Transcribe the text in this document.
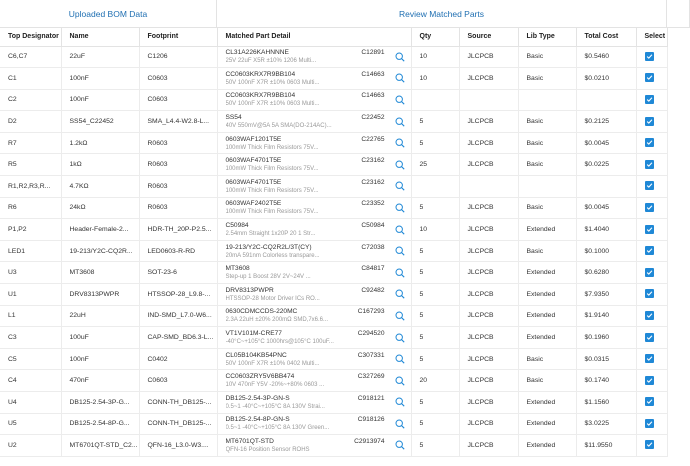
Uploaded BOM Data	Review Matched Parts
Top Designator	Name	Footprint	Matched Part Detail	Qty	Source	Lib Type	Total Cost	Select
C6,C7	22uF	C1206	CL31A226KAHNNNE C12891
25V 22uF X5R ±10% 1206 Multi...	10	JLCPCB	Basic	$0.5460	

C1	100nF	C0603	CC0603KRX7R9BB104 C14663
50V 100nF X7R ±10% 0603 Multi...	10	JLCPCB	Basic	$0.0210	

C2	100nF	C0603	CC0603KRX7R9BB104 C14663
50V 100nF X7R ±10% 0603 Multi...

D2	SS54_C22452	SMA_L4.4-W2.8-L...	SS54 C22452
40V 550mV@5A 5A SMA(DO-214AC)...	5	JLCPCB	Basic	$0.2125	

R7	1.2kΩ	R0603	0603WAF1201T5E C22765
100mW Thick Film Resistors 75V...	5	JLCPCB	Basic	$0.0045	

R5	1kΩ	R0603	0603WAF4701T5E C23162
100mW Thick Film Resistors 75V...	25	JLCPCB	Basic	$0.0225	

R1,R2,R3,R...	4.7KΩ	R0603	0603WAF4701T5E C23162
100mW Thick Film Resistors 75V...

R6	24kΩ	R0603	0603WAF2402T5E C23352
100mW Thick Film Resistors 75V...	5	JLCPCB	Basic	$0.0045	

P1,P2	Header-Female-2...	HDR-TH_20P-P2.5...	C50984 C50984
2.54mm Straight 1x20P 20 1 Str...	10	JLCPCB	Extended	$1.4040	

LED1	19-213/Y2C-CQ2R...	LED0603-R-RD	19-213/Y2C-CQ2R2L/3T(CY) C72038
20mA 591nm Colorless transpare...	5	JLCPCB	Basic	$0.1000	

U3	MT3608	SOT-23-6	MT3608 C84817
Step-up 1 Boost 28V 2V~24V ...	5	JLCPCB	Extended	$0.6280	

U1	DRV8313PWPR	HTSSOP-28_L9.8-...	DRV8313PWPR C92482
HTSSOP-28 Motor Driver ICs RO...	5	JLCPCB	Extended	$7.9350	

L1	22uH	IND-SMD_L7.0-W6...	0630CDMCCDS-220MC C167293
2.3A 22uH ±20% 200mΩ SMD,7x6.6...	5	JLCPCB	Extended	$1.9140	

C3	100uF	CAP-SMD_BD6.3-L...	VT1V101M-CRE77 C294520
-40°C~+105°C 1000hrs@105°C 100uF...	5	JLCPCB	Extended	$0.1960	

C5	100nF	C0402	CL05B104KB54PNC C307331
50V 100nF X7R ±10% 0402 Multi...	5	JLCPCB	Basic	$0.0315	

C4	470nF	C0603	CC0603ZRY5V6BB474 C327269
10V 470nF Y5V -20%~+80% 0603 ...	20	JLCPCB	Basic	$0.1740	

U4	DB125-2.54-3P-G...	CONN-TH_DB125-...	DB125-2.54-3P-GN-S C918121
0.5~1 -40°C~+105°C 8A 130V Strai...	5	JLCPCB	Extended	$1.1560	

U5	DB125-2.54-8P-G...	CONN-TH_DB125-...	DB125-2.54-8P-GN-S C918126
0.5~1 -40°C~+105°C 8A 130V Green...	5	JLCPCB	Extended	$3.0225	

U2	MT6701QT-STD_C2...	QFN-16_L3.0-W3....	MT6701QT-STD C2913974
QFN-16 Position Sensor ROHS	5	JLCPCB	Extended	$11.9550	
